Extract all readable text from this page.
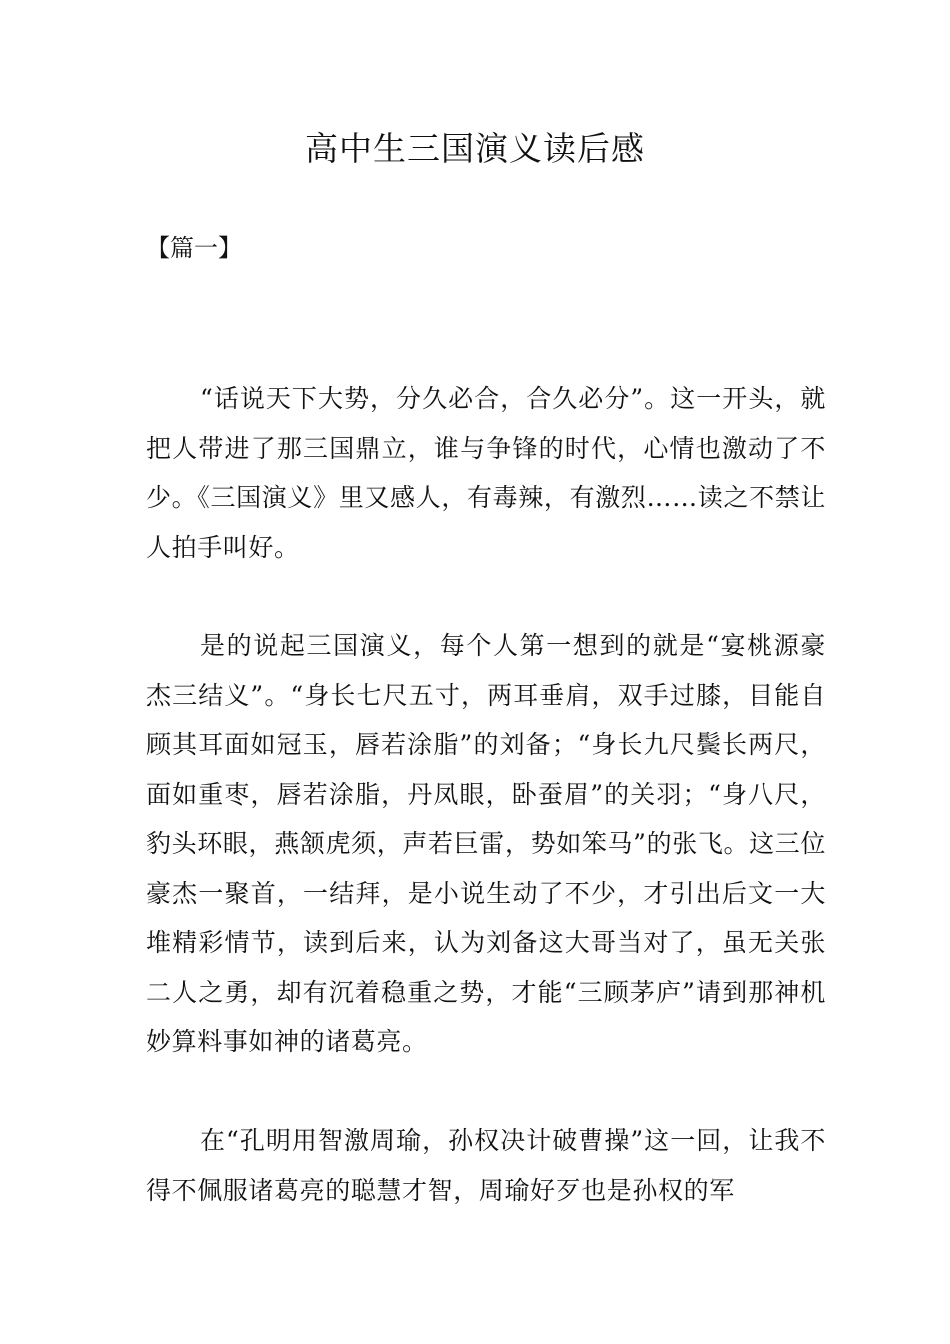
高中生三国演义读后感
【篇一】

“话说天下大势，分久必合，合久必分”。这一开头，就把人带进了那三国鼎立，谁与争锋的时代，心情也激动了不少。《三国演义》里又感人，有毒辣，有激烈……读之不禁让人拍手叫好。

是的说起三国演义，每个人第一想到的就是“宴桃源豪杰三结义”。“身长七尺五寸，两耳垂肩，双手过膝，目能自顾其耳面如冠玉，唇若涂脂”的刘备；“身长九尺鬓长两尺，面如重枣，唇若涂脂，丹凤眼，卧蚕眉”的关羽；“身八尺，豹头环眼，燕颔虎须，声若巨雷，势如笨马”的张飞。这三位豪杰一聚首，一结拜，是小说生动了不少，才引出后文一大堆精彩情节，读到后来，认为刘备这大哥当对了，虽无关张二人之勇，却有沉着稳重之势，才能“三顾茅庐”请到那神机妙算料事如神的诸葛亮。

在“孔明用智激周瑜，孙权决计破曹操”这一回，让我不得不佩服诸葛亮的聪慧才智，周瑜好歹也是孙权的军
